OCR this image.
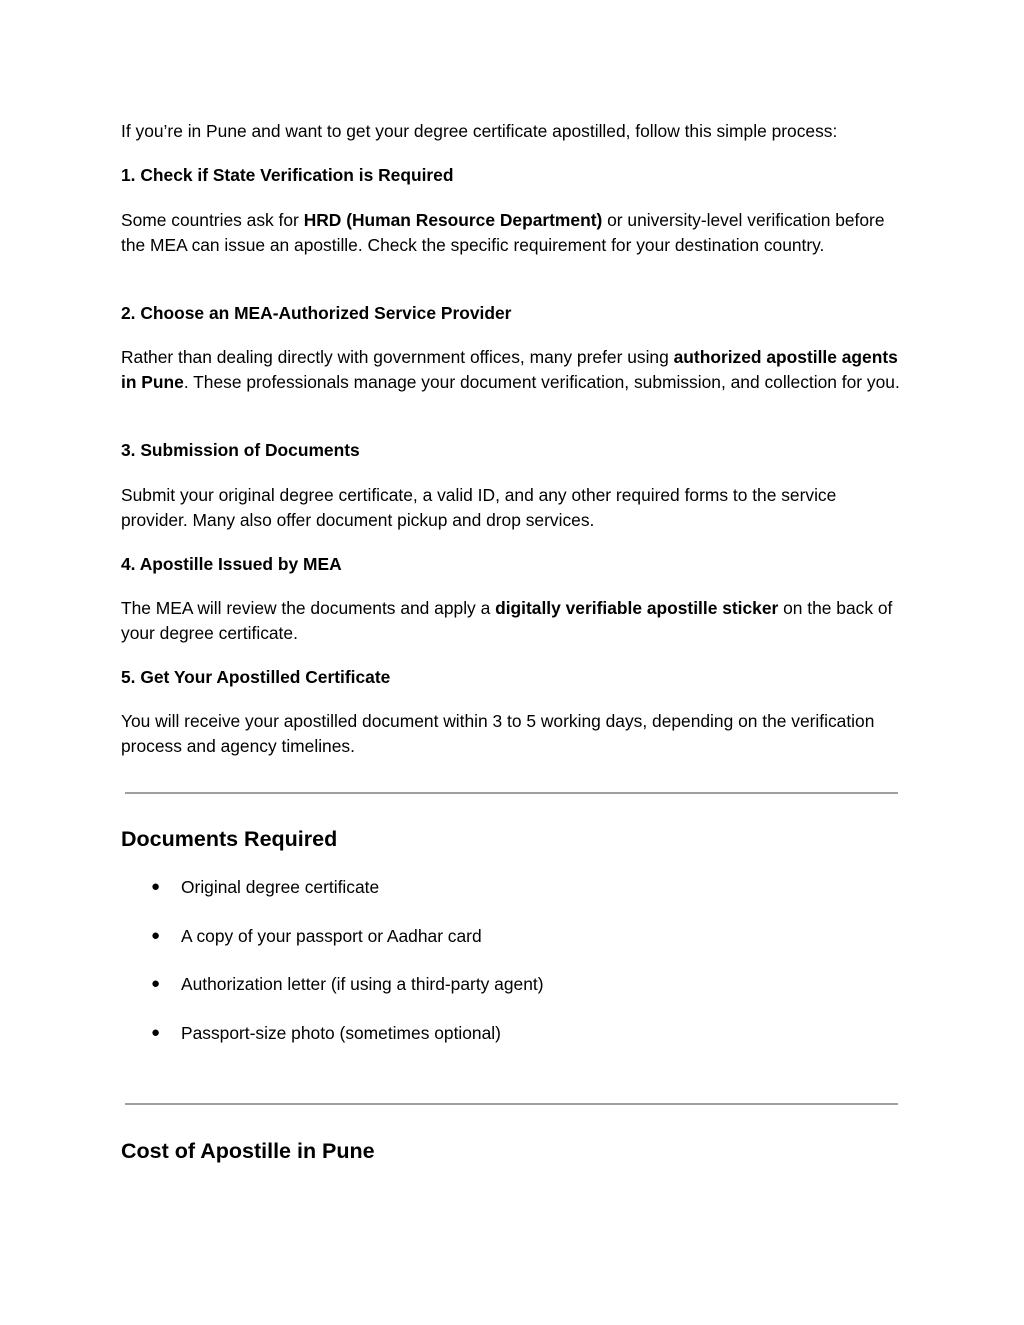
If you’re in Pune and want to get your degree certificate apostilled, follow this simple process:

1. Check if State Verification is Required

Some countries ask for HRD (Human Resource Department) or university-level verification before the MEA can issue an apostille. Check the specific requirement for your destination country.

2. Choose an MEA-Authorized Service Provider

Rather than dealing directly with government offices, many prefer using authorized apostille agents in Pune. These professionals manage your document verification, submission, and collection for you.

3. Submission of Documents

Submit your original degree certificate, a valid ID, and any other required forms to the service provider. Many also offer document pickup and drop services.

4. Apostille Issued by MEA

The MEA will review the documents and apply a digitally verifiable apostille sticker on the back of your degree certificate.

5. Get Your Apostilled Certificate

You will receive your apostilled document within 3 to 5 working days, depending on the verification process and agency timelines.

Documents Required
● Original degree certificate
● A copy of your passport or Aadhar card
● Authorization letter (if using a third-party agent)
● Passport-size photo (sometimes optional)
Cost of Apostille in Pune
